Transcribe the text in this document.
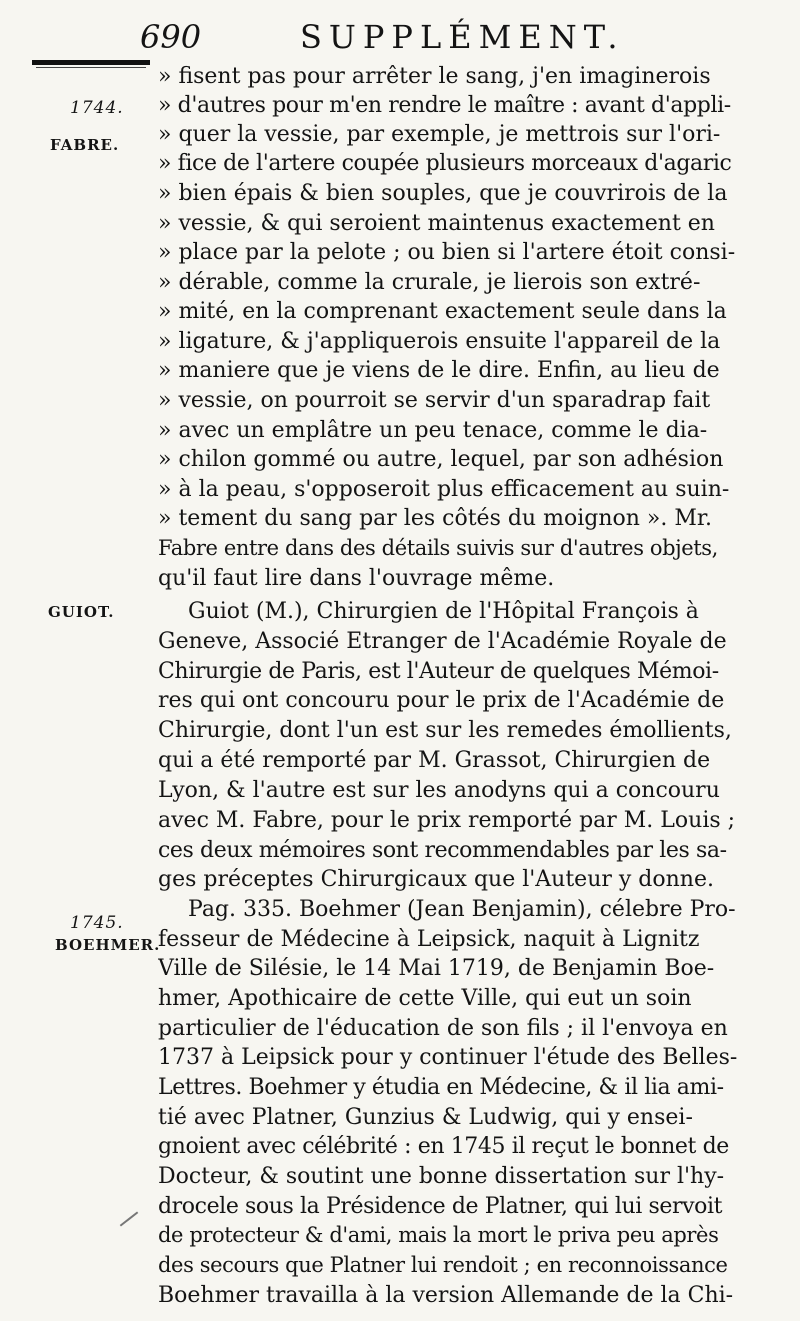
690	SUPPLÉMENT.
1744.
FABRE.
GUIOT.
1745.
BOEHMER.
» fisent pas pour arrêter le sang, j'en imaginerois
» d'autres pour m'en rendre le maître : avant d'appli-
» quer la vessie, par exemple, je mettrois sur l'ori-
» fice de l'artere coupée plusieurs morceaux d'agaric
» bien épais & bien souples, que je couvrirois de la
» vessie, & qui seroient maintenus exactement en
» place par la pelote ; ou bien si l'artere étoit consi-
» dérable, comme la crurale, je lierois son extré-
» mité, en la comprenant exactement seule dans la
» ligature, & j'appliquerois ensuite l'appareil de la
» maniere que je viens de le dire. Enfin, au lieu de
» vessie, on pourroit se servir d'un sparadrap fait
» avec un emplâtre un peu tenace, comme le dia-
» chilon gommé ou autre, lequel, par son adhésion
» à la peau, s'opposeroit plus efficacement au suin-
» tement du sang par les côtés du moignon ». Mr.
Fabre entre dans des détails suivis sur d'autres objets,
qu'il faut lire dans l'ouvrage même.
Guiot (M.), Chirurgien de l'Hôpital François à
Geneve, Associé Etranger de l'Académie Royale de
Chirurgie de Paris, est l'Auteur de quelques Mémoi-
res qui ont concouru pour le prix de l'Académie de
Chirurgie, dont l'un est sur les remedes émollients,
qui a été remporté par M. Grassot, Chirurgien de
Lyon, & l'autre est sur les anodyns qui a concouru
avec M. Fabre, pour le prix remporté par M. Louis ;
ces deux mémoires sont recommendables par les sa-
ges préceptes Chirurgicaux que l'Auteur y donne.
Pag. 335. Boehmer (Jean Benjamin), célebre Pro-
fesseur de Médecine à Leipsick, naquit à Lignitz
Ville de Silésie, le 14 Mai 1719, de Benjamin Boe-
hmer, Apothicaire de cette Ville, qui eut un soin
particulier de l'éducation de son fils ; il l'envoya en
1737 à Leipsick pour y continuer l'étude des Belles-
Lettres. Boehmer y étudia en Médecine, & il lia ami-
tié avec Platner, Gunzius & Ludwig, qui y ensei-
gnoient avec célébrité : en 1745 il reçut le bonnet de
Docteur, & soutint une bonne dissertation sur l'hy-
drocele sous la Présidence de Platner, qui lui servoit
de protecteur & d'ami, mais la mort le priva peu après
des secours que Platner lui rendoit ; en reconnoissance
Boehmer travailla à la version Allemande de la Chi-
